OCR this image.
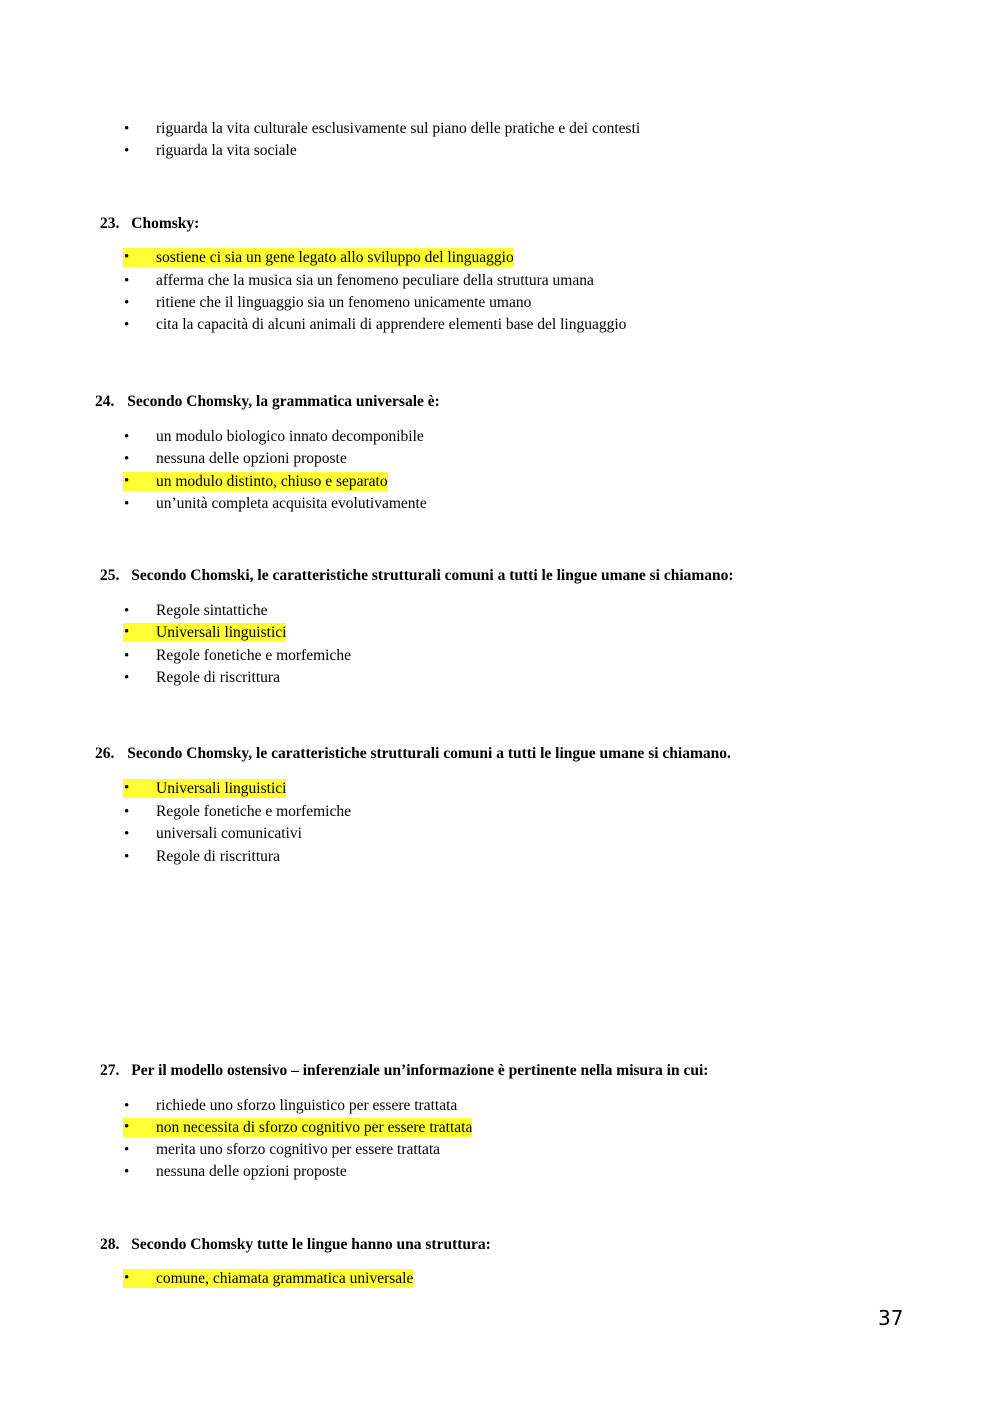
•	riguarda la vita culturale esclusivamente sul piano delle pratiche e dei contesti
•	riguarda la vita sociale
23. Chomsky:
•	sostiene ci sia un gene legato allo sviluppo del linguaggio
•	afferma che la musica sia un fenomeno peculiare della struttura umana
•	ritiene che il linguaggio sia un fenomeno unicamente umano
•	cita la capacità di alcuni animali di apprendere elementi base del linguaggio
24. Secondo Chomsky, la grammatica universale è:
•	un modulo biologico innato decomponibile
•	nessuna delle opzioni proposte
•	un modulo distinto, chiuso e separato
•	un’unità completa acquisita evolutivamente
25. Secondo Chomski, le caratteristiche strutturali comuni a tutti le lingue umane si chiamano:
•	Regole sintattiche
•	Universali linguistici
•	Regole fonetiche e morfemiche
•	Regole di riscrittura
26. Secondo Chomsky, le caratteristiche strutturali comuni a tutti le lingue umane si chiamano.
•	Universali linguistici
•	Regole fonetiche e morfemiche
•	universali comunicativi
•	Regole di riscrittura
27. Per il modello ostensivo – inferenziale un’informazione è pertinente nella misura in cui:
•	richiede uno sforzo linguistico per essere trattata
•	non necessita di sforzo cognitivo per essere trattata
•	merita uno sforzo cognitivo per essere trattata
•	nessuna delle opzioni proposte
28. Secondo Chomsky tutte le lingue hanno una struttura:
•	comune, chiamata grammatica universale
37
